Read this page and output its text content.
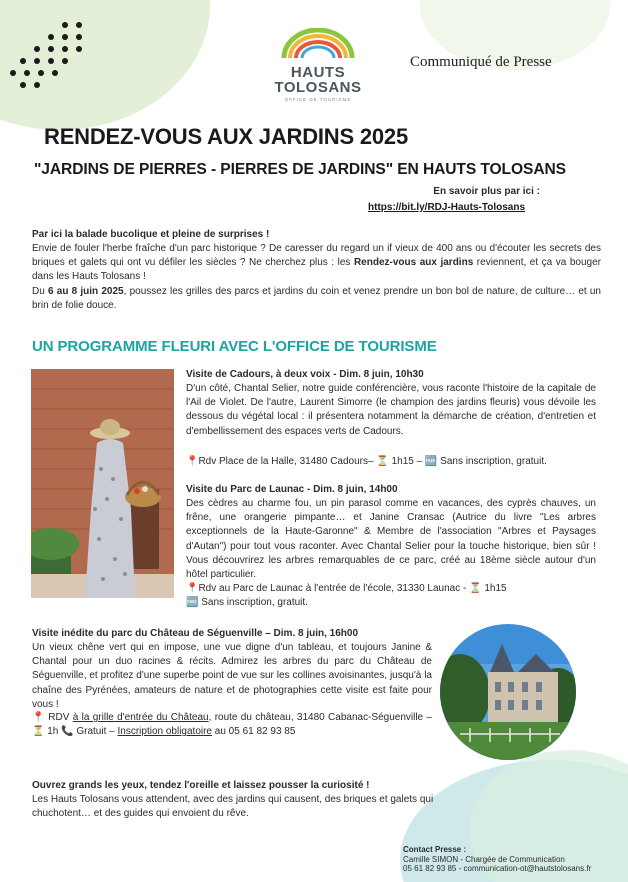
HAUTS
TOLOSANS
OFFICE DE TOURISME
Communiqué de Presse
RENDEZ-VOUS AUX JARDINS 2025
"JARDINS DE PIERRES - PIERRES DE JARDINS" EN HAUTS TOLOSANS
En savoir plus par ici :
https://bit.ly/RDJ-Hauts-Tolosans
Par ici la balade bucolique et pleine de surprises !
Envie de fouler l'herbe fraîche d'un parc historique ? De caresser du regard un if vieux de 400 ans ou d'écouter les secrets des briques et galets qui ont vu défiler les siècles ? Ne cherchez plus : les Rendez-vous aux jardins reviennent, et ça va bouger dans les Hauts Tolosans !
Du 6 au 8 juin 2025, poussez les grilles des parcs et jardins du coin et venez prendre un bon bol de nature, de culture… et un brin de folie douce.
UN PROGRAMME FLEURI AVEC L'OFFICE DE TOURISME
Visite de Cadours, à deux voix - Dim. 8 juin, 10h30
D'un côté, Chantal Selier, notre guide conférencière, vous raconte l'histoire de la capitale de l'Ail de Violet. De l'autre, Laurent Simorre (le champion des jardins fleuris) vous dévoile les dessous du végétal local : il présentera notamment la démarche de création, d'entretien et d'embellissement des espaces verts de Cadours.
📍Rdv Place de la Halle, 31480 Cadours– ⏳ 1h15 – 🆓 Sans inscription, gratuit.
Visite du Parc de Launac - Dim. 8 juin, 14h00
Des cèdres au charme fou, un pin parasol comme en vacances, des cyprès chauves, un frêne, une orangerie pimpante… et Janine Cransac (Autrice du livre "Les arbres exceptionnels de la Haute-Garonne" & Membre de l'association "Arbres et Paysages d'Autan") pour tout vous raconter. Avec Chantal Selier pour la touche historique, bien sûr ! Vous découvrirez les arbres remarquables de ce parc, créé au 18ème siècle autour d'un hôtel particulier.
📍Rdv au Parc de Launac à l'entrée de l'école, 31330 Launac - ⏳ 1h15
🆓 Sans inscription, gratuit.
Visite inédite du parc du Château de Séguenville – Dim. 8 juin, 16h00
Un vieux chêne vert qui en impose, une vue digne d'un tableau, et toujours Janine & Chantal pour un duo racines & récits. Admirez les arbres du parc du Château de Séguenville, et profitez d'une superbe point de vue sur les collines avoisinantes, jusqu'à la chaîne des Pyrénées, amateurs de nature et de photographies cette visite est faite pour vous !
📍 RDV à la grille d'entrée du Château, route du château, 31480 Cabanac-Séguenville – ⏳ 1h 📞 Gratuit – Inscription obligatoire au 05 61 82 93 85
Ouvrez grands les yeux, tendez l'oreille et laissez pousser la curiosité !
Les Hauts Tolosans vous attendent, avec des jardins qui causent, des briques et galets qui chuchotent… et des guides qui envoient du rêve.
Contact Presse :
Camille SIMON - Chargée de Communication
05 61 82 93 85 - communication-ot@hautstolosans.fr
